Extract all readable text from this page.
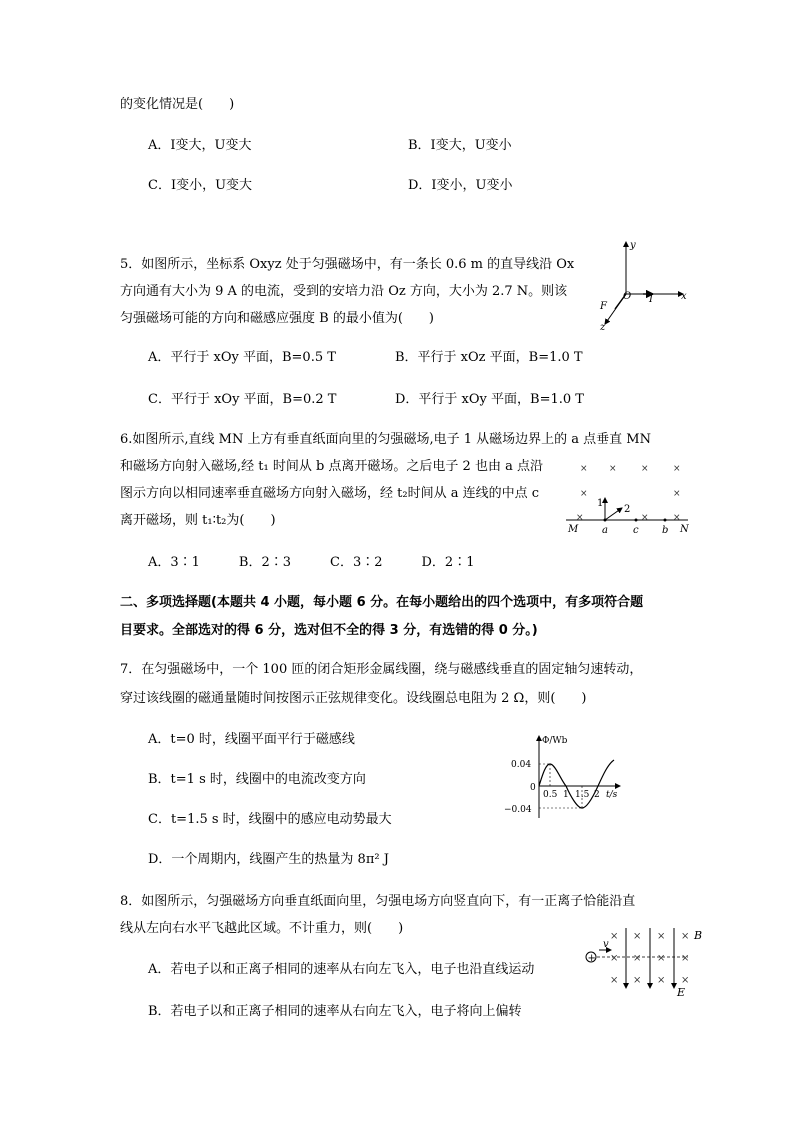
的变化情况是(　　)
A．I变大，U变大	B．I变大，U变小
C．I变小，U变大	D．I变小，U变小
5．如图所示，坐标系 Oxyz 处于匀强磁场中，有一条长 0.6 m 的直导线沿 Ox
方向通有大小为 9 A 的电流，受到的安培力沿 Oz 方向，大小为 2.7 N。则该
匀强磁场可能的方向和磁感应强度 B 的最小值为(　　)
A．平行于 xOy 平面，B=0.5 T	B．平行于 xOz 平面，B=1.0 T
C．平行于 xOy 平面，B=0.2 T	D．平行于 xOy 平面，B=1.0 T
y
x
z
O
F
I
6.如图所示,直线 MN 上方有垂直纸面向里的匀强磁场,电子 1 从磁场边界上的 a 点垂直 MN
和磁场方向射入磁场,经 t₁ 时间从 b 点离开磁场。之后电子 2 也由 a 点沿
图示方向以相同速率垂直磁场方向射入磁场，经 t₂时间从 a 连线的中点 c
离开磁场，则 t₁∶t₂为(　　)
A．3∶1　　　B．2∶3　　　C．3∶2　　　D．2∶1
× ×	×	×
×	×
×	×	×
1
2
M a	c b N
二、多项选择题(本题共 4 小题，每小题 6 分。在每小题给出的四个选项中，有多项符合题
目要求。全部选对的得 6 分，选对但不全的得 3 分，有选错的得 0 分。)
7．在匀强磁场中，一个 100 匝的闭合矩形金属线圈，绕与磁感线垂直的固定轴匀速转动，
穿过该线圈的磁通量随时间按图示正弦规律变化。设线圈总电阻为 2 Ω，则(　　)
A．t=0 时，线圈平面平行于磁感线
B．t=1 s 时，线圈中的电流改变方向
C．t=1.5 s 时，线圈中的感应电动势最大
D．一个周期内，线圈产生的热量为 8π² J
Φ/Wb
0.04
0
−0.04
0.5 1 1.5 2 t/s
8．如图所示，匀强磁场方向垂直纸面向里，匀强电场方向竖直向下，有一正离子恰能沿直
线从左向右水平飞越此区域。不计重力，则(　　)
A．若电子以和正离子相同的速率从右向左飞入，电子也沿直线运动
B．若电子以和正离子相同的速率从右向左飞入，电子将向上偏转
+
v
× × × ×
× × × ×
× × × ×
B
E
